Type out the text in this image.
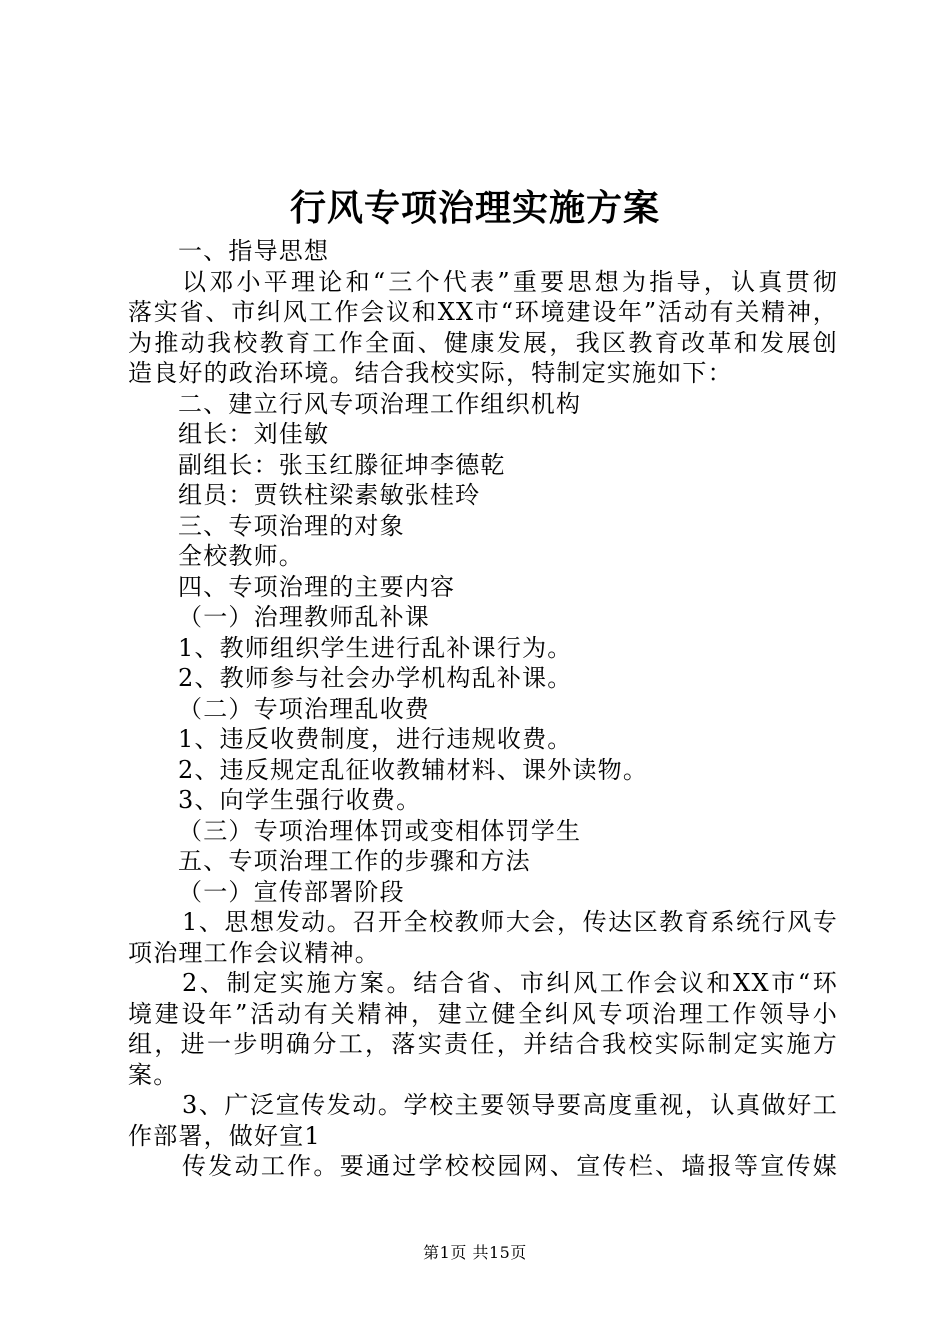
行风专项治理实施方案
一、指导思想
以邓小平理论和“三个代表”重要思想为指导，认真贯彻
落实省、市纠风工作会议和XX市“环境建设年”活动有关精神，
为推动我校教育工作全面、健康发展，我区教育改革和发展创
造良好的政治环境。结合我校实际，特制定实施如下：
二、建立行风专项治理工作组织机构
组长：刘佳敏
副组长：张玉红滕征坤李德乾
组员：贾铁柱梁素敏张桂玲
三、专项治理的对象
全校教师。
四、专项治理的主要内容
（一）治理教师乱补课
1、教师组织学生进行乱补课行为。
2、教师参与社会办学机构乱补课。
（二）专项治理乱收费
1、违反收费制度，进行违规收费。
2、违反规定乱征收教辅材料、课外读物。
3、向学生强行收费。
（三）专项治理体罚或变相体罚学生
五、专项治理工作的步骤和方法
（一）宣传部署阶段
1、思想发动。召开全校教师大会，传达区教育系统行风专
项治理工作会议精神。
2、制定实施方案。结合省、市纠风工作会议和XX市“环
境建设年”活动有关精神，建立健全纠风专项治理工作领导小
组，进一步明确分工，落实责任，并结合我校实际制定实施方
案。
3、广泛宣传发动。学校主要领导要高度重视，认真做好工
作部署，做好宣1
传发动工作。要通过学校校园网、宣传栏、墙报等宣传媒
第1页 共15页
